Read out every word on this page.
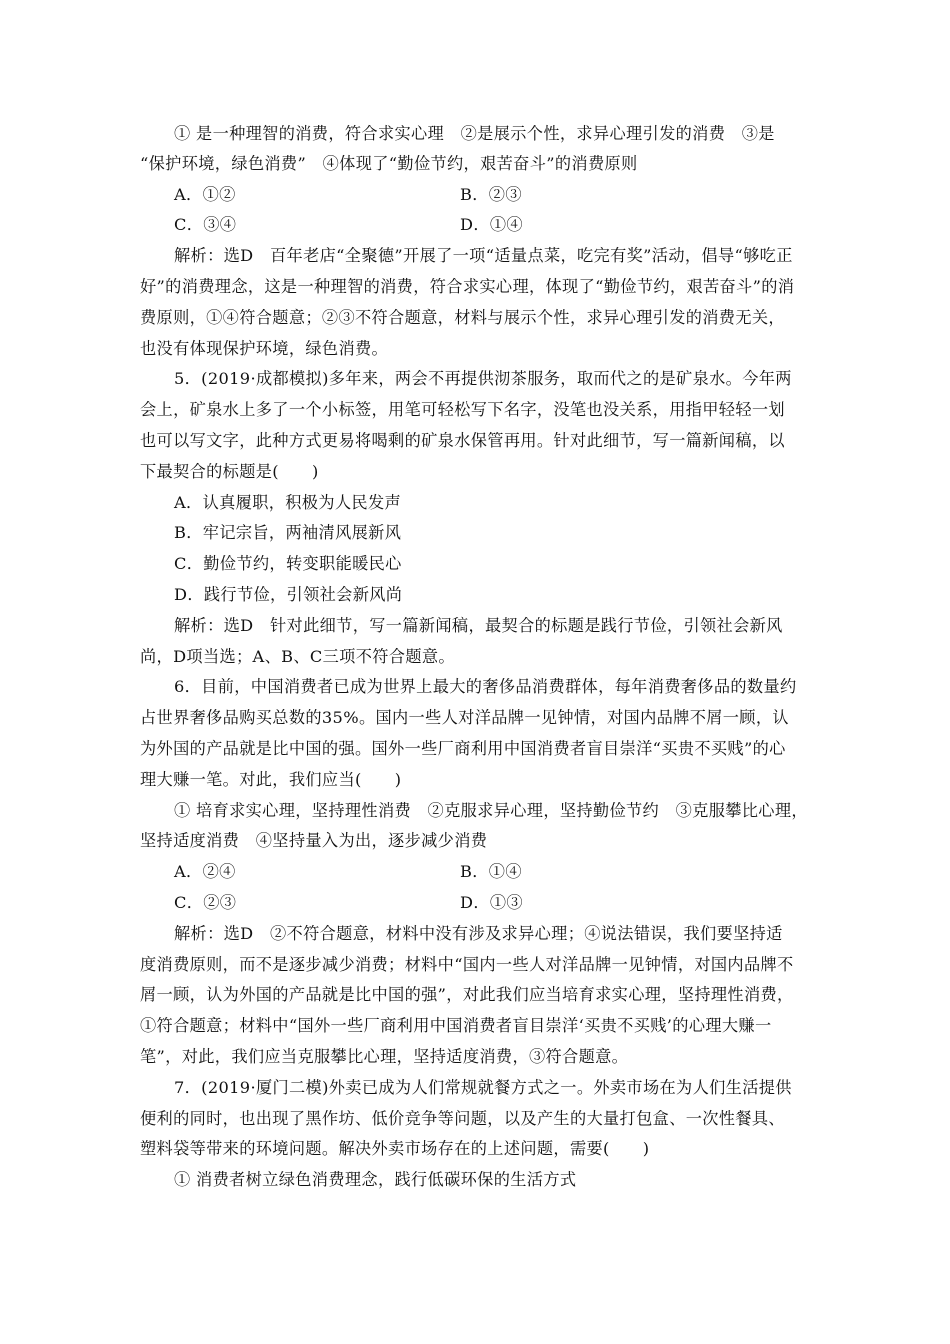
① 是一种理智的消费，符合求实心理　②是展示个性，求异心理引发的消费　③是
“保护环境，绿色消费”　④体现了“勤俭节约，艰苦奋斗”的消费原则
A．①②	B．②③
C．③④	D．①④
解析：选D　百年老店“全聚德”开展了一项“适量点菜，吃完有奖”活动，倡导“够吃正
好”的消费理念，这是一种理智的消费，符合求实心理，体现了“勤俭节约，艰苦奋斗”的消
费原则，①④符合题意；②③不符合题意，材料与展示个性，求异心理引发的消费无关，
也没有体现保护环境，绿色消费。
5．(2019·成都模拟)多年来，两会不再提供沏茶服务，取而代之的是矿泉水。今年两
会上，矿泉水上多了一个小标签，用笔可轻松写下名字，没笔也没关系，用指甲轻轻一划
也可以写文字，此种方式更易将喝剩的矿泉水保管再用。针对此细节，写一篇新闻稿，以
下最契合的标题是(　　)
A．认真履职，积极为人民发声
B．牢记宗旨，两袖清风展新风
C．勤俭节约，转变职能暖民心
D．践行节俭，引领社会新风尚
解析：选D　针对此细节，写一篇新闻稿，最契合的标题是践行节俭，引领社会新风
尚，D项当选；A、B、C三项不符合题意。
6．目前，中国消费者已成为世界上最大的奢侈品消费群体，每年消费奢侈品的数量约
占世界奢侈品购买总数的35%。国内一些人对洋品牌一见钟情，对国内品牌不屑一顾，认
为外国的产品就是比中国的强。国外一些厂商利用中国消费者盲目崇洋“买贵不买贱”的心
理大赚一笔。对此，我们应当(　　)
① 培育求实心理，坚持理性消费　②克服求异心理，坚持勤俭节约　③克服攀比心理，
坚持适度消费　④坚持量入为出，逐步减少消费
A．②④	B．①④
C．②③	D．①③
解析：选D　②不符合题意，材料中没有涉及求异心理；④说法错误，我们要坚持适
度消费原则，而不是逐步减少消费；材料中“国内一些人对洋品牌一见钟情，对国内品牌不
屑一顾，认为外国的产品就是比中国的强”，对此我们应当培育求实心理，坚持理性消费，
①符合题意；材料中“国外一些厂商利用中国消费者盲目崇洋‘买贵不买贱’的心理大赚一
笔”，对此，我们应当克服攀比心理，坚持适度消费，③符合题意。
7．(2019·厦门二模)外卖已成为人们常规就餐方式之一。外卖市场在为人们生活提供
便利的同时，也出现了黑作坊、低价竞争等问题，以及产生的大量打包盒、一次性餐具、
塑料袋等带来的环境问题。解决外卖市场存在的上述问题，需要(　　)
① 消费者树立绿色消费理念，践行低碳环保的生活方式
